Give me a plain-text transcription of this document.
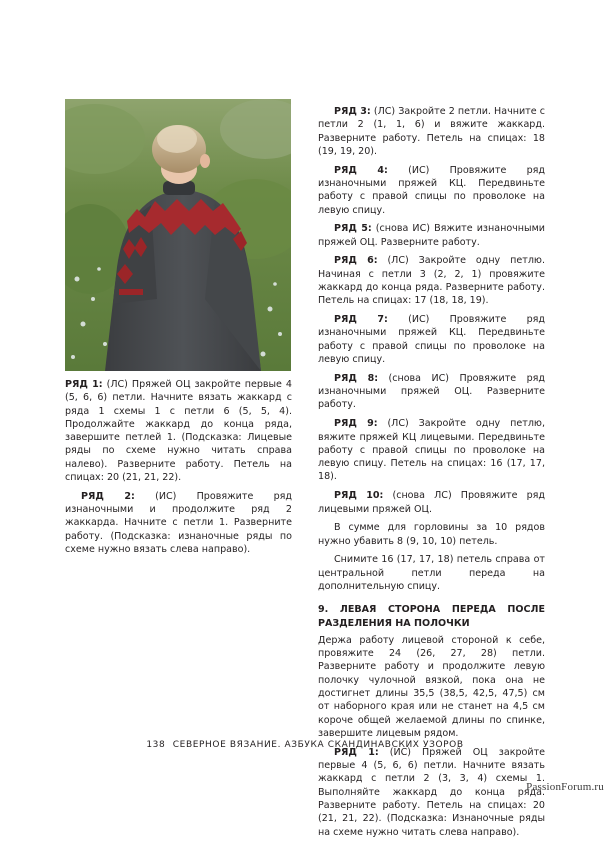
РЯД 1: (ЛС) Пряжей ОЦ закройте первые 4 (5, 6, 6) петли. Начните вязать жаккард с ряда 1 схемы 1 с петли 6 (5, 5, 4). Продолжайте жаккард до конца ряда, завершите петлей 1. (Подсказка: Лицевые ряды по схеме нужно читать справа налево). Разверните работу. Петель на спицах: 20 (21, 21, 22).

РЯД 2: (ИС) Провяжите ряд изнаночными и продолжите ряд 2 жаккарда. Начните с петли 1. Разверните работу. (Подсказка: изнаночные ряды по схеме нужно вязать слева направо).

РЯД 3: (ЛС) Закройте 2 петли. Начните с петли 2 (1, 1, 6) и вяжите жаккард. Разверните работу. Петель на спицах: 18 (19, 19, 20).

РЯД 4: (ИС) Провяжите ряд изнаночными пряжей КЦ. Передвиньте работу с правой спицы по проволоке на левую спицу.

РЯД 5: (снова ИС) Вяжите изнаночными пряжей ОЦ. Разверните работу.

РЯД 6: (ЛС) Закройте одну петлю. Начиная с петли 3 (2, 2, 1) провяжите жаккард до конца ряда. Разверните работу. Петель на спицах: 17 (18, 18, 19).

РЯД 7: (ИС) Провяжите ряд изнаночными пряжей КЦ. Передвиньте работу с правой спицы по проволоке на левую спицу.

РЯД 8: (снова ИС) Провяжите ряд изнаночными пряжей ОЦ. Разверните работу.

РЯД 9: (ЛС) Закройте одну петлю, вяжите пряжей КЦ лицевыми. Передвиньте работу с правой спицы по проволоке на левую спицу. Петель на спицах: 16 (17, 17, 18).

РЯД 10: (снова ЛС) Провяжите ряд лицевыми пряжей ОЦ.

В сумме для горловины за 10 рядов нужно убавить 8 (9, 10, 10) петель.

Снимите 16 (17, 17, 18) петель справа от центральной петли переда на дополнительную спицу.

9. ЛЕВАЯ СТОРОНА ПЕРЕДА ПОСЛЕ РАЗДЕЛЕНИЯ НА ПОЛОЧКИ

Держа работу лицевой стороной к себе, провяжите 24 (26, 27, 28) петли. Разверните работу и продолжите левую полочку чулочной вязкой, пока она не достигнет длины 35,5 (38,5, 42,5, 47,5) см от наборного края или не станет на 4,5 см короче общей желаемой длины по спинке, завершите лицевым рядом.

РЯД 1: (ИС) Пряжей ОЦ закройте первые 4 (5, 6, 6) петли. Начните вязать жаккард с петли 2 (3, 3, 4) схемы 1. Выполняйте жаккард до конца ряда. Разверните работу. Петель на спицах: 20 (21, 21, 22). (Подсказка: Изнаночные ряды на схеме нужно читать слева направо).

138 СЕВЕРНОЕ ВЯЗАНИЕ. АЗБУКА СКАНДИНАВСКИХ УЗОРОВ
PassionForum.ru
